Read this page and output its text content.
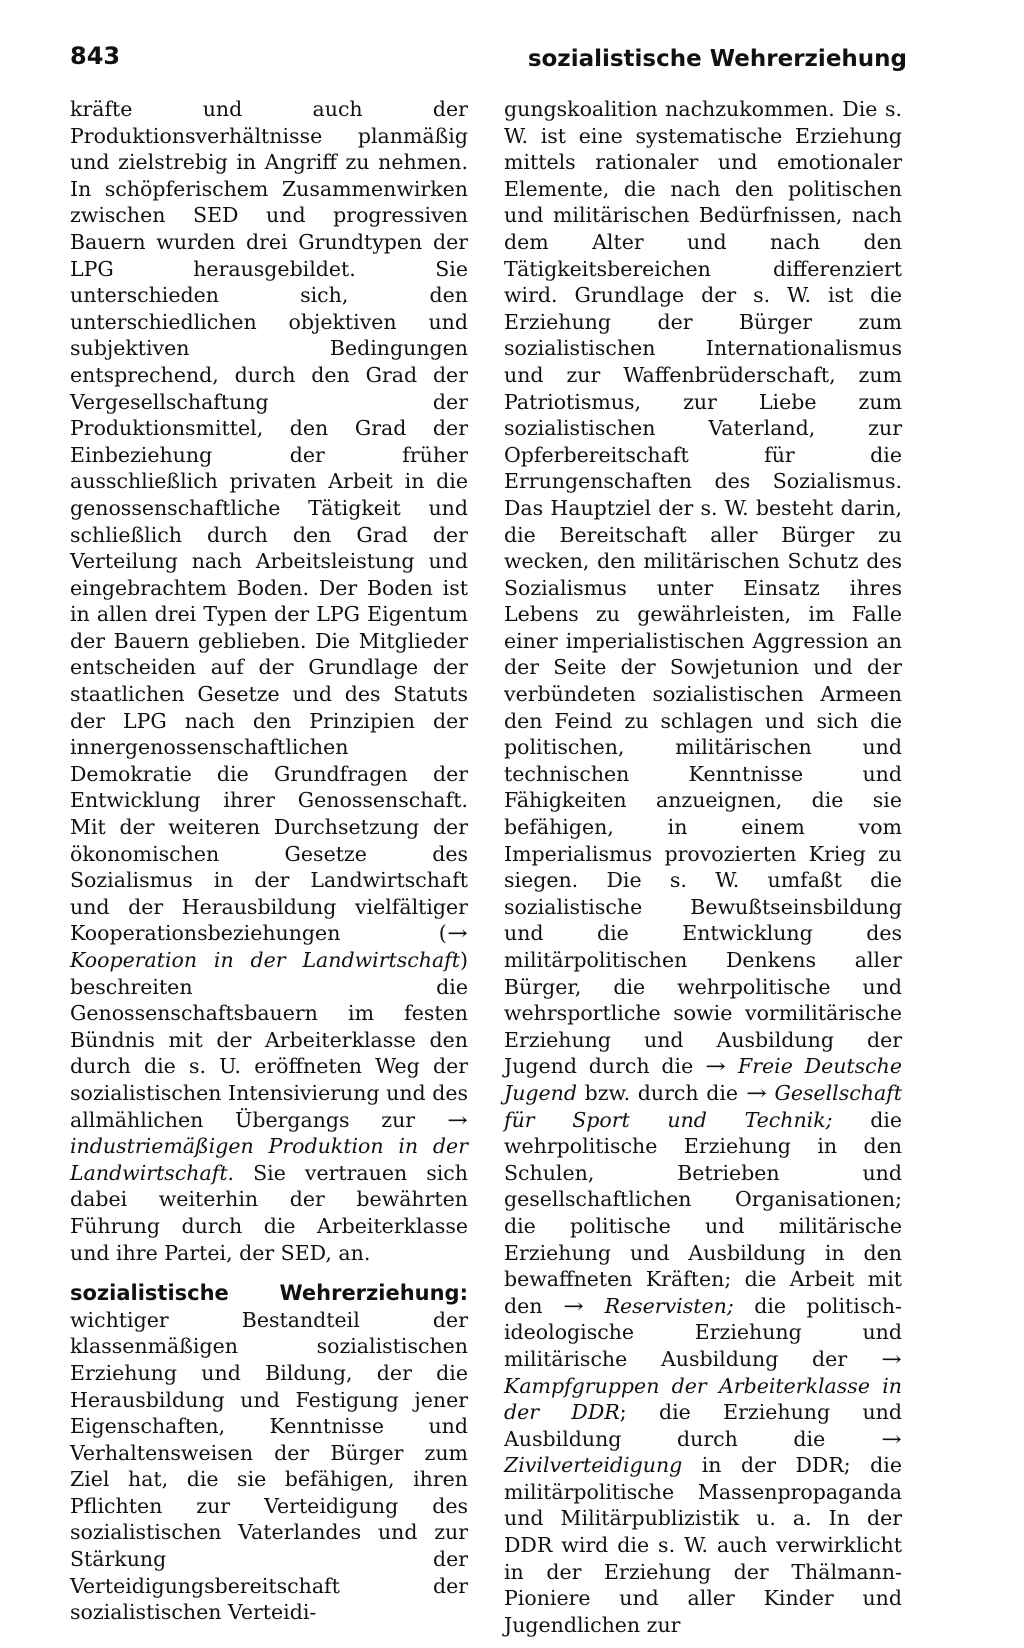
843	sozialistische Wehrerziehung

kräfte und auch der Produktionsverhältnisse planmäßig und zielstrebig in Angriff zu nehmen. In schöpferischem Zusammenwirken zwischen SED und progressiven Bauern wurden drei Grundtypen der LPG herausgebildet. Sie unterschieden sich, den unterschiedlichen objektiven und subjektiven Bedingungen entsprechend, durch den Grad der Vergesellschaftung der Produktionsmittel, den Grad der Einbeziehung der früher ausschließlich privaten Arbeit in die genossenschaftliche Tätigkeit und schließlich durch den Grad der Verteilung nach Arbeitsleistung und eingebrachtem Boden. Der Boden ist in allen drei Typen der LPG Eigentum der Bauern geblieben. Die Mitglieder entscheiden auf der Grundlage der staatlichen Gesetze und des Statuts der LPG nach den Prinzipien der innergenossenschaftlichen Demokratie die Grundfragen der Entwicklung ihrer Genossenschaft. Mit der weiteren Durchsetzung der ökonomischen Gesetze des Sozialismus in der Landwirtschaft und der Herausbildung vielfältiger Kooperationsbeziehungen (→ Kooperation in der Landwirtschaft) beschreiten die Genossenschaftsbauern im festen Bündnis mit der Arbeiterklasse den durch die s. U. eröffneten Weg der sozialistischen Intensivierung und des allmählichen Übergangs zur → industriemäßigen Produktion in der Landwirtschaft. Sie vertrauen sich dabei weiterhin der bewährten Führung durch die Arbeiterklasse und ihre Partei, der SED, an.

sozialistische Wehrerziehung: wichtiger Bestandteil der klassenmäßigen sozialistischen Erziehung und Bildung, der die Herausbildung und Festigung jener Eigenschaften, Kenntnisse und Verhaltensweisen der Bürger zum Ziel hat, die sie befähigen, ihren Pflichten zur Verteidigung des sozialistischen Vaterlandes und zur Stärkung der Verteidigungsbereitschaft der sozialistischen Verteidi-

gungskoalition nachzukommen. Die s. W. ist eine systematische Erziehung mittels rationaler und emotionaler Elemente, die nach den politischen und militärischen Bedürfnissen, nach dem Alter und nach den Tätigkeitsbereichen differenziert wird. Grundlage der s. W. ist die Erziehung der Bürger zum sozialistischen Internationalismus und zur Waffenbrüderschaft, zum Patriotismus, zur Liebe zum sozialistischen Vaterland, zur Opferbereitschaft für die Errungenschaften des Sozialismus. Das Hauptziel der s. W. besteht darin, die Bereitschaft aller Bürger zu wecken, den militärischen Schutz des Sozialismus unter Einsatz ihres Lebens zu gewährleisten, im Falle einer imperialistischen Aggression an der Seite der Sowjetunion und der verbündeten sozialistischen Armeen den Feind zu schlagen und sich die politischen, militärischen und technischen Kenntnisse und Fähigkeiten anzueignen, die sie befähigen, in einem vom Imperialismus provozierten Krieg zu siegen. Die s. W. umfaßt die sozialistische Bewußtseinsbildung und die Entwicklung des militärpolitischen Denkens aller Bürger, die wehrpolitische und wehrsportliche sowie vormilitärische Erziehung und Ausbildung der Jugend durch die → Freie Deutsche Jugend bzw. durch die → Gesellschaft für Sport und Technik; die wehrpolitische Erziehung in den Schulen, Betrieben und gesellschaftlichen Organisationen; die politische und militärische Erziehung und Ausbildung in den bewaffneten Kräften; die Arbeit mit den → Reservisten; die politisch-ideologische Erziehung und militärische Ausbildung der → Kampfgruppen der Arbeiterklasse in der DDR; die Erziehung und Ausbildung durch die → Zivilverteidigung in der DDR; die militärpolitische Massenpropaganda und Militärpublizistik u. a. In der DDR wird die s. W. auch verwirklicht in der Erziehung der Thälmann-Pioniere und aller Kinder und Jugendlichen zur
